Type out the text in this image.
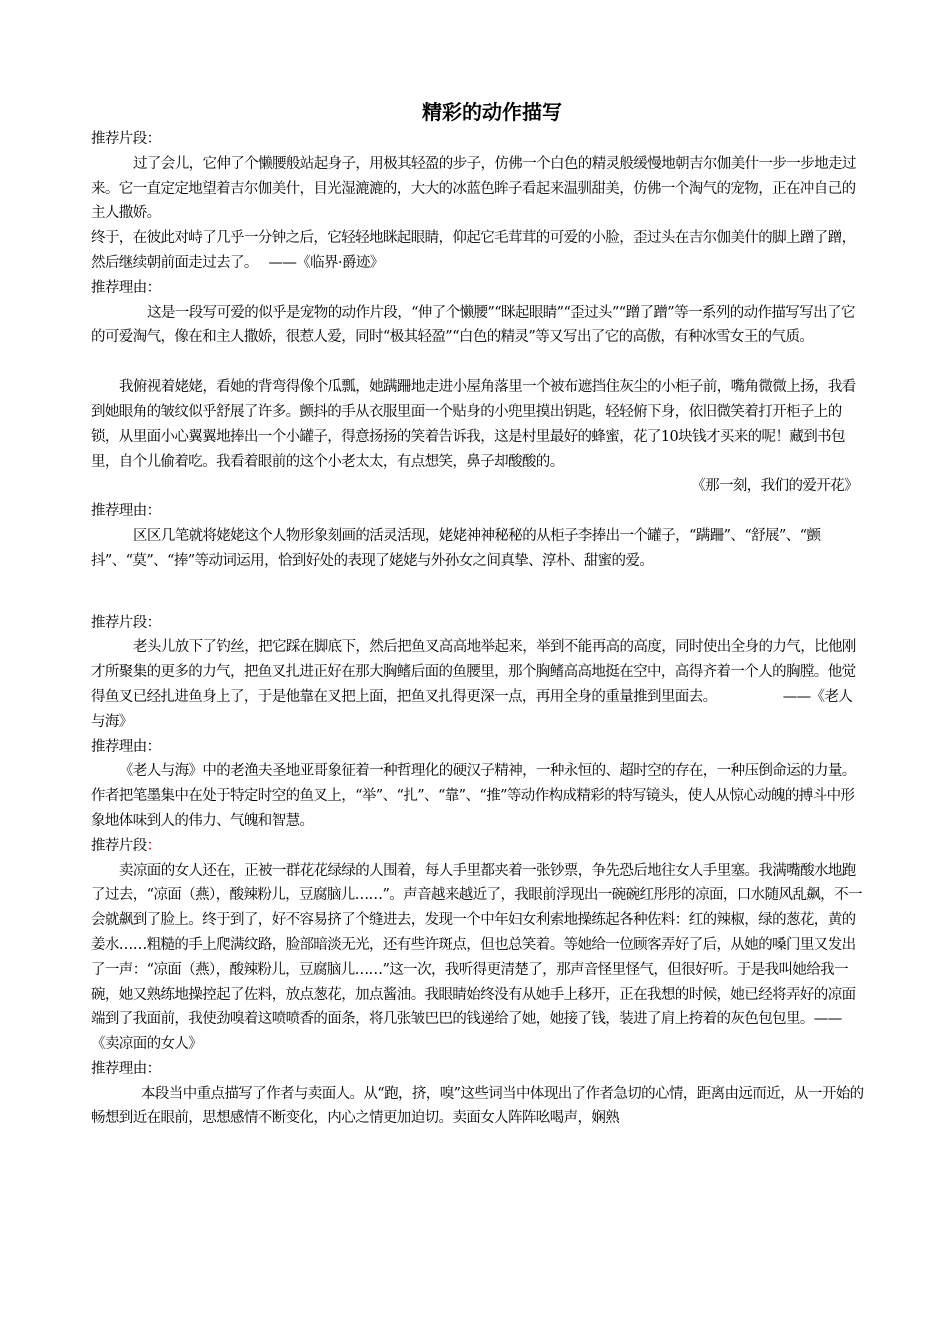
精彩的动作描写

推荐片段：

过了会儿，它伸了个懒腰般站起身子，用极其轻盈的步子，仿佛一个白色的精灵般缓慢地朝吉尔伽美什一步一步地走过来。它一直定定地望着吉尔伽美什，目光湿漉漉的，大大的冰蓝色眸子看起来温驯甜美，仿佛一个淘气的宠物，正在冲自己的主人撒娇。

终于，在彼此对峙了几乎一分钟之后，它轻轻地眯起眼睛，仰起它毛茸茸的可爱的小脸，歪过头在吉尔伽美什的脚上蹭了蹭，然后继续朝前面走过去了。　 ——《临界·爵迹》

推荐理由：

这是一段写可爱的似乎是宠物的动作片段，“伸了个懒腰”“眯起眼睛”“歪过头”“蹭了蹭”等一系列的动作描写写出了它的可爱淘气，像在和主人撒娇，很惹人爱，同时“极其轻盈”“白色的精灵”等又写出了它的高傲，有种冰雪女王的气质。

我俯视着姥姥，看她的背弯得像个瓜瓢，她蹒跚地走进小屋角落里一个被布遮挡住灰尘的小柜子前，嘴角微微上扬，我看到她眼角的皱纹似乎舒展了许多。颤抖的手从衣服里面一个贴身的小兜里摸出钥匙，轻轻俯下身，依旧微笑着打开柜子上的锁，从里面小心翼翼地捧出一个小罐子，得意扬扬的笑着告诉我，这是村里最好的蜂蜜，花了10块钱才买来的呢！藏到书包里，自个儿偷着吃。我看着眼前的这个小老太太，有点想笑，鼻子却酸酸的。

《那一刻，我们的爱开花》

推荐理由：

区区几笔就将姥姥这个人物形象刻画的活灵活现，姥姥神神秘秘的从柜子李捧出一个罐子，“蹒跚”、“舒展”、“颤抖”、“莫”、“捧”等动词运用，恰到好处的表现了姥姥与外孙女之间真挚、淳朴、甜蜜的爱。

推荐片段：

老头儿放下了钓丝，把它踩在脚底下，然后把鱼叉高高地举起来，举到不能再高的高度，同时使出全身的力气，比他刚才所聚集的更多的力气，把鱼叉扎进正好在那大胸鳍后面的鱼腰里，那个胸鳍高高地挺在空中，高得齐着一个人的胸膛。他觉得鱼叉已经扎进鱼身上了，于是他靠在叉把上面，把鱼叉扎得更深一点，再用全身的重量推到里面去。　　　　　 ——《老人与海》

推荐理由：

《老人与海》中的老渔夫圣地亚哥象征着一种哲理化的硬汉子精神，一种永恒的、超时空的存在，一种压倒命运的力量。作者把笔墨集中在处于特定时空的鱼叉上，“举”、“扎”、“靠”、“推”等动作构成精彩的特写镜头，使人从惊心动魄的搏斗中形象地体味到人的伟力、气魄和智慧。

推荐片段：

卖凉面的女人还在，正被一群花花绿绿的人围着，每人手里都夹着一张钞票，争先恐后地往女人手里塞。我满嘴酸水地跑了过去，“凉面（燕），酸辣粉儿，豆腐脑儿……”。声音越来越近了，我眼前浮现出一碗碗红彤彤的凉面，口水随风乱飙，不一会就飙到了脸上。终于到了，好不容易挤了个缝进去，发现一个中年妇女利索地操练起各种佐料：红的辣椒，绿的葱花，黄的姜水……粗糙的手上爬满纹路，脸部暗淡无光，还有些许斑点，但也总笑着。等她给一位顾客弄好了后，从她的嗓门里又发出了一声：“凉面（燕），酸辣粉儿，豆腐脑儿……”这一次，我听得更清楚了，那声音怪里怪气，但很好听。于是我叫她给我一碗，她又熟练地操控起了佐料，放点葱花，加点酱油。我眼睛始终没有从她手上移开，正在我想的时候，她已经将弄好的凉面端到了我面前，我使劲嗅着这喷喷香的面条，将几张皱巴巴的钱递给了她，她接了钱，装进了肩上挎着的灰色包包里。——《卖凉面的女人》

推荐理由：

本段当中重点描写了作者与卖面人。从“跑，挤，嗅”这些词当中体现出了作者急切的心情，距离由远而近，从一开始的畅想到近在眼前，思想感情不断变化，内心之情更加迫切。卖面女人阵阵吆喝声，娴熟
